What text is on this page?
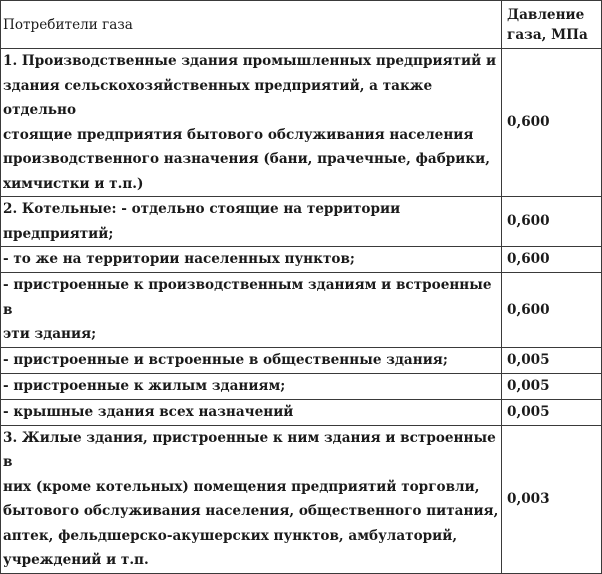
Потребители газа	Давление
газа, МПа
1. Производственные здания промышленных предприятий и
здания сельскохозяйственных предприятий, а также отдельно
стоящие предприятия бытового обслуживания населения
производственного назначения (бани, прачечные, фабрики,
химчистки и т.п.)	0,600
2. Котельные: - отдельно стоящие на территории предприятий;	0,600
- то же на территории населенных пунктов;	0,600
- пристроенные к производственным зданиям и встроенные в
эти здания;	0,600
- пристроенные и встроенные в общественные здания;	0,005
- пристроенные к жилым зданиям;	0,005
- крышные здания всех назначений	0,005
3. Жилые здания, пристроенные к ним здания и встроенные в
них (кроме котельных) помещения предприятий торговли,
бытового обслуживания населения, общественного питания,
аптек, фельдшерско-акушерских пунктов, амбулаторий,
учреждений и т.п.	0,003
